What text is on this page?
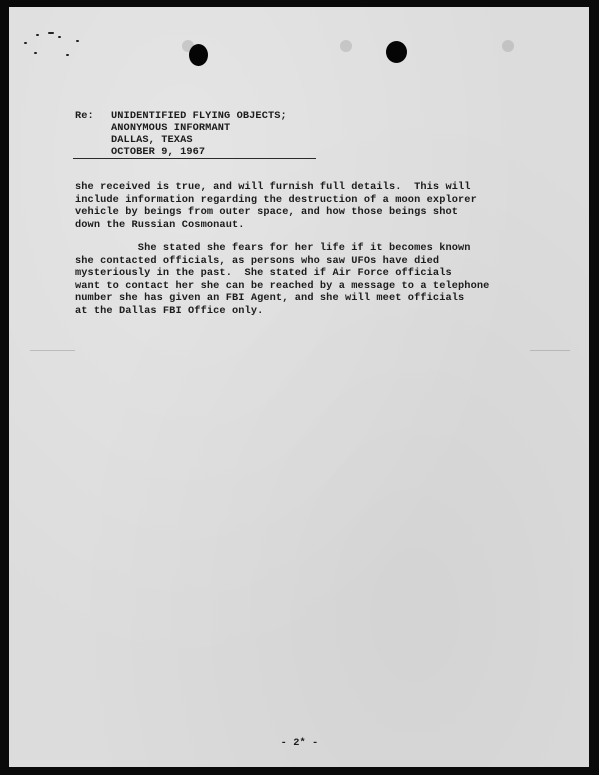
Re: UNIDENTIFIED FLYING OBJECTS;
ANONYMOUS INFORMANT
DALLAS, TEXAS
OCTOBER 9, 1967
she received is true, and will furnish full details.  This will
include information regarding the destruction of a moon explorer
vehicle by beings from outer space, and how those beings shot
down the Russian Cosmonaut.
She stated she fears for her life if it becomes known
she contacted officials, as persons who saw UFOs have died
mysteriously in the past.  She stated if Air Force officials
want to contact her she can be reached by a message to a telephone
number she has given an FBI Agent, and she will meet officials
at the Dallas FBI Office only.
- 2* -
